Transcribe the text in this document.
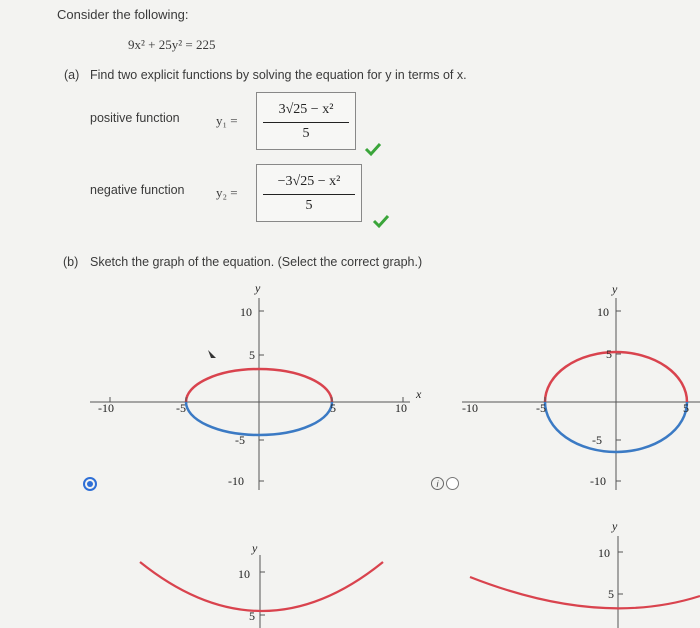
Consider the following:
9x² + 25y² = 225
(a) Find two explicit functions by solving the equation for y in terms of x.
positive function	y₁ =
3√25 − x²
5
negative function y₂ =
−3√25 − x²
5
(b) Sketch the graph of the equation. (Select the correct graph.)
y
x
10
5
-5
-10
-10	-5	5	10
y
10
5
-5
-10
-10	-5	5
i
y
10
5
y
10
5
